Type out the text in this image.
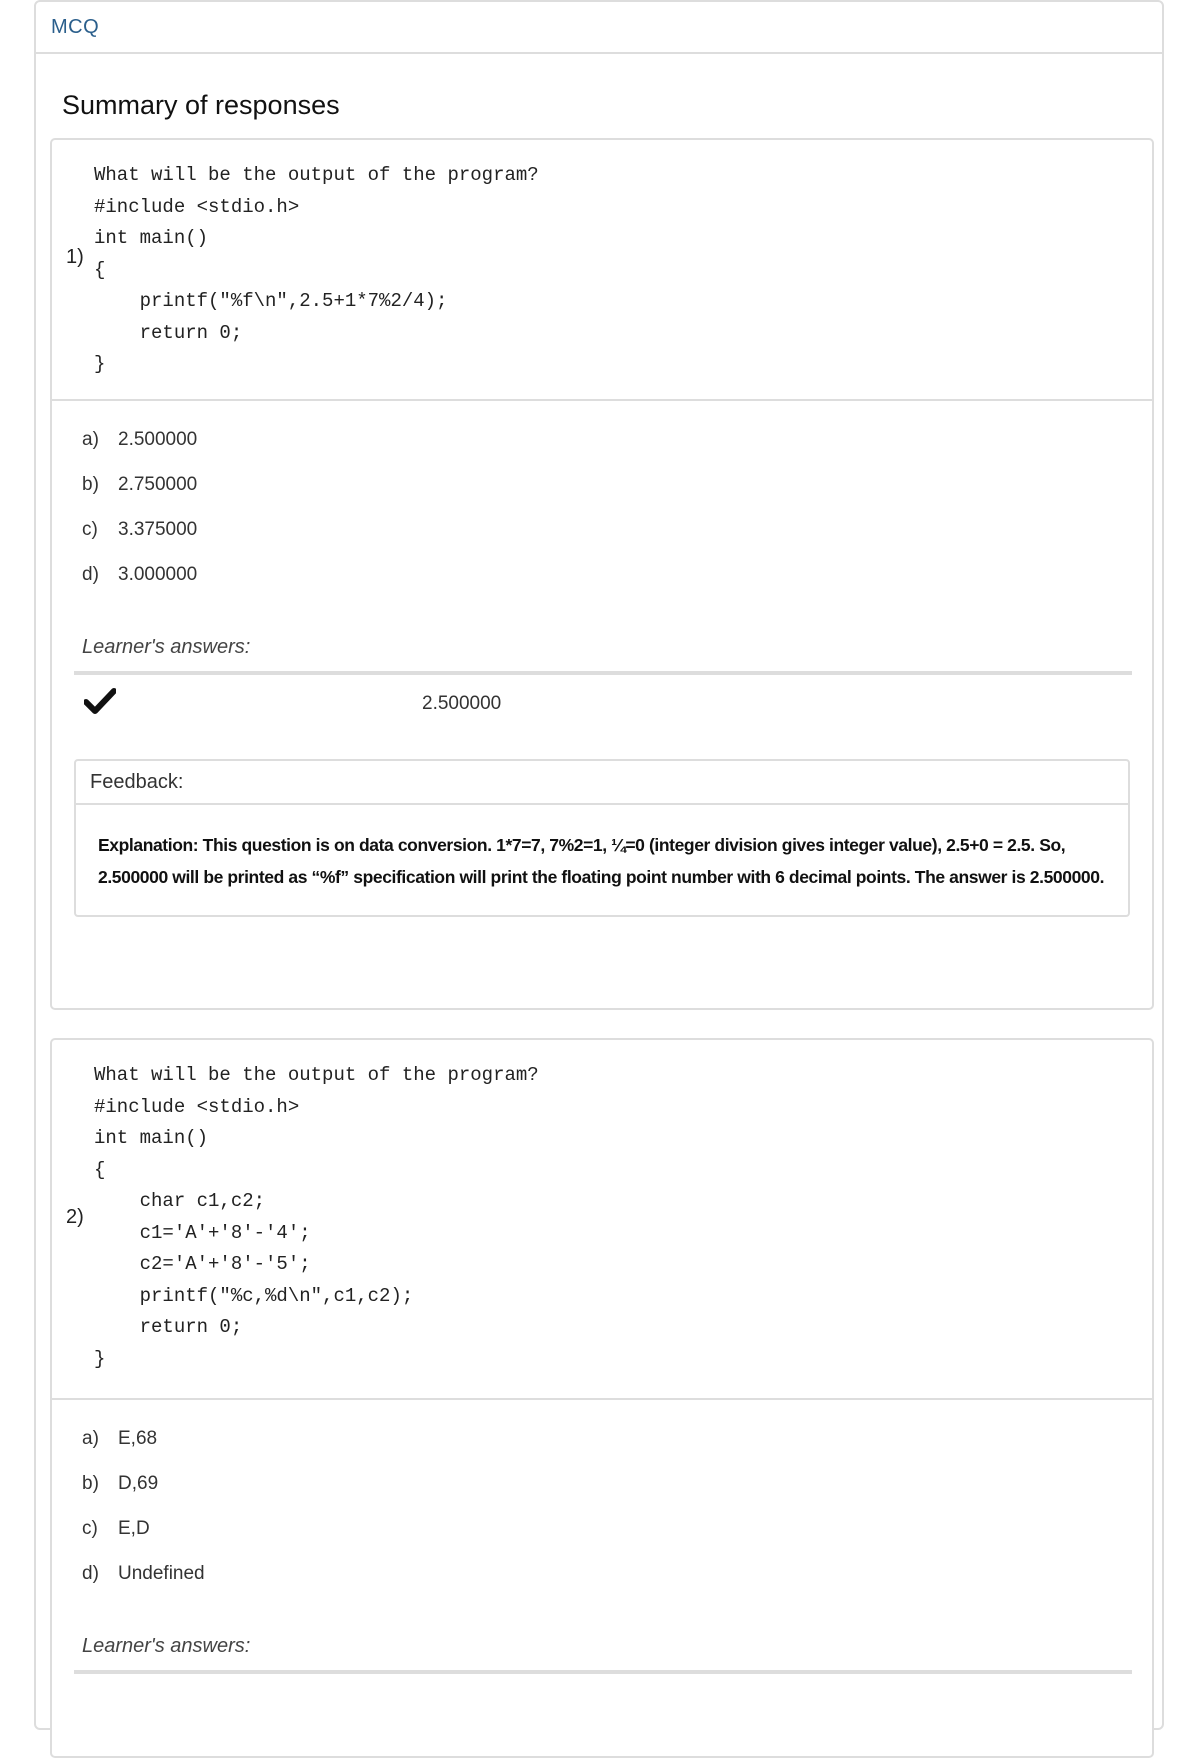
MCQ
Summary of responses
1)
What will be the output of the program?
#include <stdio.h>
int main()
{
printf("%f\n",2.5+1*7%2/4);
return 0;
}
a) 2.500000
b) 2.750000
c) 3.375000
d) 3.000000
Learner's answers:
2.500000
Feedback:
Explanation: This question is on data conversion. 1*7=7, 7%2=1, ¼=0 (integer division gives integer value), 2.5+0 = 2.5. So, 2.500000 will be printed as “%f” specification will print the floating point number with 6 decimal points. The answer is 2.500000.
2)
What will be the output of the program?
#include <stdio.h>
int main()
{
char c1,c2;
c1='A'+'8'-'4';
c2='A'+'8'-'5';
printf("%c,%d\n",c1,c2);
return 0;
}
a) E,68
b) D,69
c) E,D
d) Undefined
Learner's answers:
